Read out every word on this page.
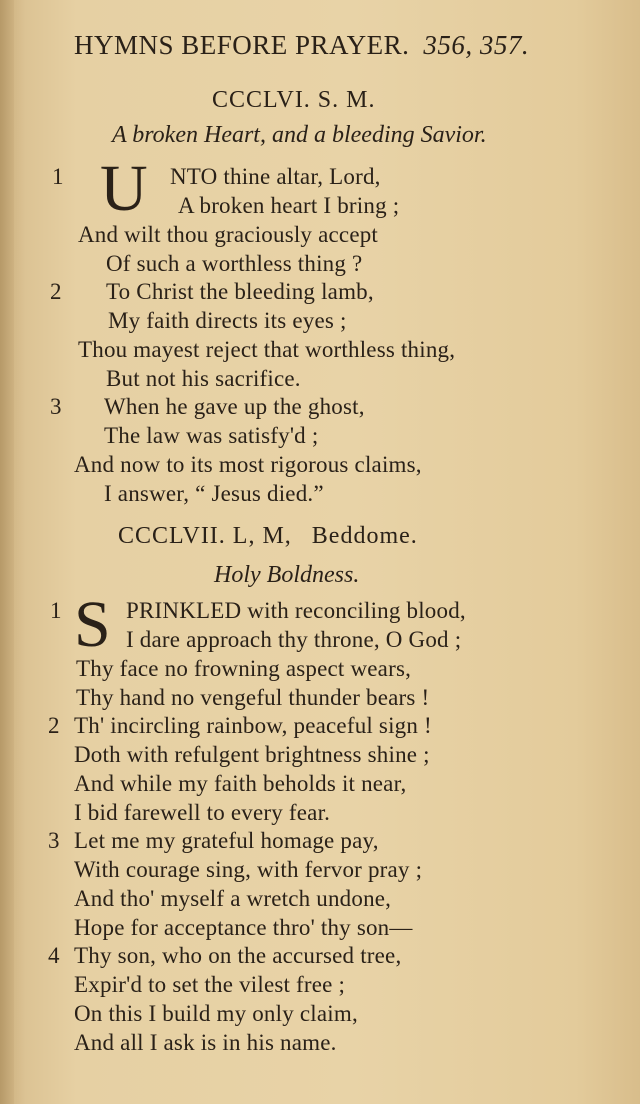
HYMNS BEFORE PRAYER. 356, 357.
CCCLVI. S. M.
A broken Heart, and a bleeding Savior.
1 U NTO thine altar, Lord,
A broken heart I bring ;
And wilt thou graciously accept
Of such a worthless thing ?
2 To Christ the bleeding lamb,
My faith directs its eyes ;
Thou mayest reject that worthless thing,
But not his sacrifice.
3 When he gave up the ghost,
The law was satisfy'd ;
And now to its most rigorous claims,
I answer, “ Jesus died.”
CCCLVII. L, M, Beddome.
Holy Boldness.
1 S PRINKLED with reconciling blood,
I dare approach thy throne, O God ;
Thy face no frowning aspect wears,
Thy hand no vengeful thunder bears !
2 Th' incircling rainbow, peaceful sign !
Doth with refulgent brightness shine ;
And while my faith beholds it near,
I bid farewell to every fear.
3 Let me my grateful homage pay,
With courage sing, with fervor pray ;
And tho' myself a wretch undone,
Hope for acceptance thro' thy son—
4 Thy son, who on the accursed tree,
Expir'd to set the vilest free ;
On this I build my only claim,
And all I ask is in his name.
